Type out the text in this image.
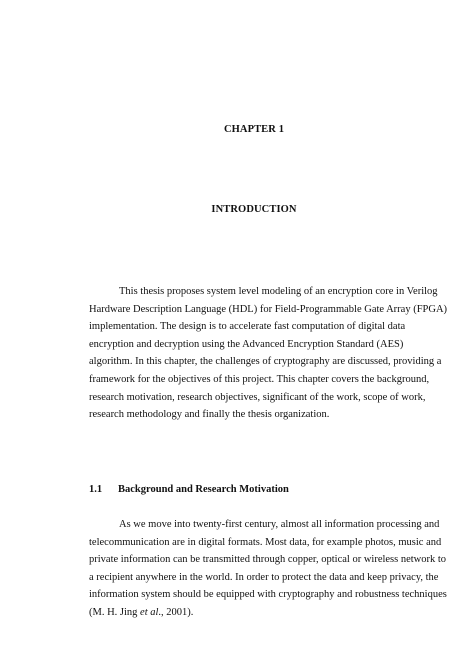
CHAPTER 1
INTRODUCTION
This thesis proposes system level modeling of an encryption core in Verilog
Hardware Description Language (HDL) for Field-Programmable Gate Array (FPGA)
implementation. The design is to accelerate fast computation of digital data
encryption and decryption using the Advanced Encryption Standard (AES)
algorithm. In this chapter, the challenges of cryptography are discussed, providing a
framework for the objectives of this project. This chapter covers the background,
research motivation, research objectives, significant of the work, scope of work,
research methodology and finally the thesis organization.
1.1 Background and Research Motivation
As we move into twenty-first century, almost all information processing and
telecommunication are in digital formats. Most data, for example photos, music and
private information can be transmitted through copper, optical or wireless network to
a recipient anywhere in the world. In order to protect the data and keep privacy, the
information system should be equipped with cryptography and robustness techniques
(M. H. Jing et al., 2001).
